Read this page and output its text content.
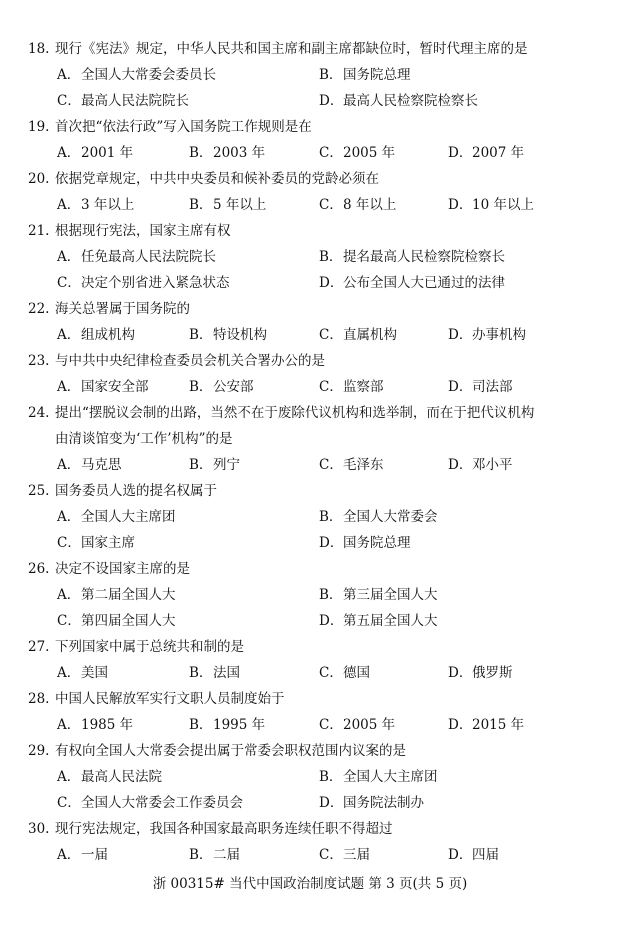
18. 现行《宪法》规定，中华人民共和国主席和副主席都缺位时，暂时代理主席的是
A．全国人大常委会委员长	B．国务院总理
C．最高人民法院院长	D．最高人民检察院检察长
19. 首次把“依法行政”写入国务院工作规则是在
A．2001 年	B．2003 年	C．2005 年	D．2007 年
20. 依据党章规定，中共中央委员和候补委员的党龄必须在
A．3 年以上	B．5 年以上	C．8 年以上	D．10 年以上
21. 根据现行宪法，国家主席有权
A．任免最高人民法院院长	B．提名最高人民检察院检察长
C．决定个别省进入紧急状态	D．公布全国人大已通过的法律
22. 海关总署属于国务院的
A．组成机构	B．特设机构	C．直属机构	D．办事机构
23. 与中共中央纪律检查委员会机关合署办公的是
A．国家安全部	B．公安部	C．监察部	D．司法部
24. 提出“摆脱议会制的出路，当然不在于废除代议机构和选举制，而在于把代议机构
由清谈馆变为‘工作’机构”的是
A．马克思	B．列宁	C．毛泽东	D．邓小平
25. 国务委员人选的提名权属于
A．全国人大主席团	B．全国人大常委会
C．国家主席	D．国务院总理
26. 决定不设国家主席的是
A．第二届全国人大	B．第三届全国人大
C．第四届全国人大	D．第五届全国人大
27. 下列国家中属于总统共和制的是
A．美国	B．法国	C．德国	D．俄罗斯
28. 中国人民解放军实行文职人员制度始于
A．1985 年	B．1995 年	C．2005 年	D．2015 年
29. 有权向全国人大常委会提出属于常委会职权范围内议案的是
A．最高人民法院	B．全国人大主席团
C．全国人大常委会工作委员会	D．国务院法制办
30. 现行宪法规定，我国各种国家最高职务连续任职不得超过
A．一届	B．二届	C．三届	D．四届
浙 00315# 当代中国政治制度试题 第 3 页(共 5 页)
